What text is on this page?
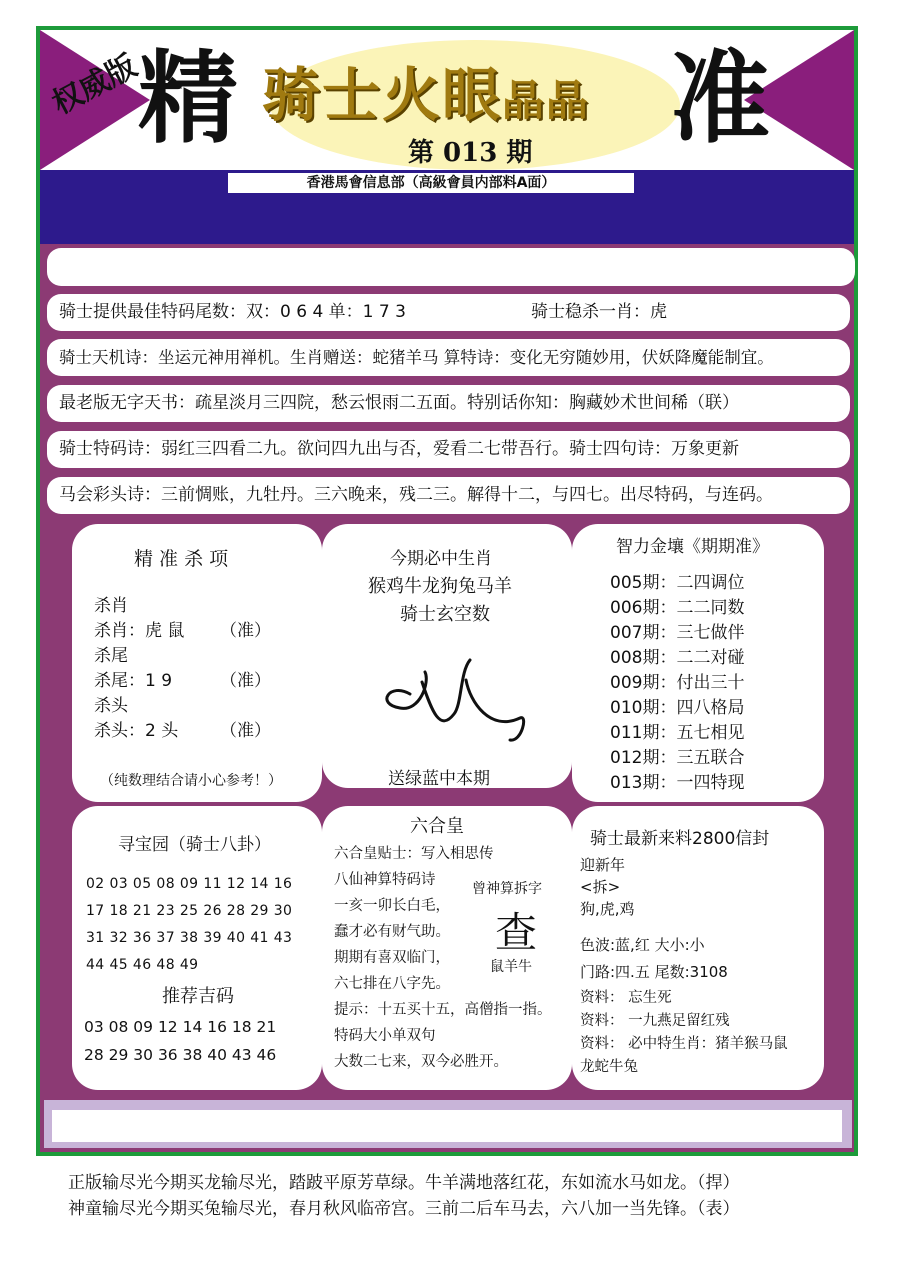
权威版
精	准
骑士火眼晶晶
第 013 期
香港馬會信息部（高級會員内部料A面）
骑士提供最佳特码尾数：双：0 6 4 单：1 7 3	骑士稳杀一肖：虎
骑士天机诗：坐运元神用禅机。生肖赠送：蛇猪羊马 算特诗：变化无穷随妙用，伏妖降魔能制宜。
最老版无字天书：疏星淡月三四院，愁云恨雨二五面。特别话你知：胸藏妙术世间稀（联）
骑士特码诗：弱红三四看二九。欲问四九出与否，爱看二七带吾行。骑士四句诗：万象更新
马会彩头诗：三前惆账，九牡丹。三六晚来，残二三。解得十二，与四七。出尽特码，与连码。
精 准 杀 项
杀肖
杀肖：虎 鼠 （准）
杀尾
杀尾：1 9	（准）
杀头
杀头：2 头 （准）
（纯数理结合请小心参考！）
今期必中生肖
猴鸡牛龙狗兔马羊
骑士玄空数
送绿蓝中本期
智力金壤《期期准》
005期：二四调位
006期：二二同数
007期：三七做伴
008期：二二对碰
009期：付出三十
010期：四八格局
011期：五七相见
012期：三五联合
013期：一四特现
寻宝园（骑士八卦）
02 03 05 08 09 11 12 14 16
17 18 21 23 25 26 28 29 30
31 32 36 37 38 39 40 41 43
44 45 46 48 49
推荐吉码
03 08 09 12 14 16 18 21
28 29 30 36 38 40 43 46
六合皇
六合皇贴士：写入相思传
八仙神算特码诗
一亥一卯长白毛，
蠢才必有财气助。
期期有喜双临门，
六七排在八字先。
提示：十五买十五，高僧指一指。
特码大小单双句
大数二七来，双今必胜开。
曾神算拆字
查
鼠羊牛
骑士最新来料2800信封
迎新年
<拆>
狗,虎,鸡
色波:蓝,红 大小:小
门路:四.五 尾数:3108
资料： 忘生死
资料： 一九燕足留红残
资料： 必中特生肖：猪羊猴马鼠
龙蛇牛兔
正版输尽光今期买龙输尽光，踏跛平原芳草绿。牛羊满地落红花，东如流水马如龙。（捍）
神童输尽光今期买兔输尽光，春月秋风临帝宫。三前二后车马去，六八加一当先锋。（表）
